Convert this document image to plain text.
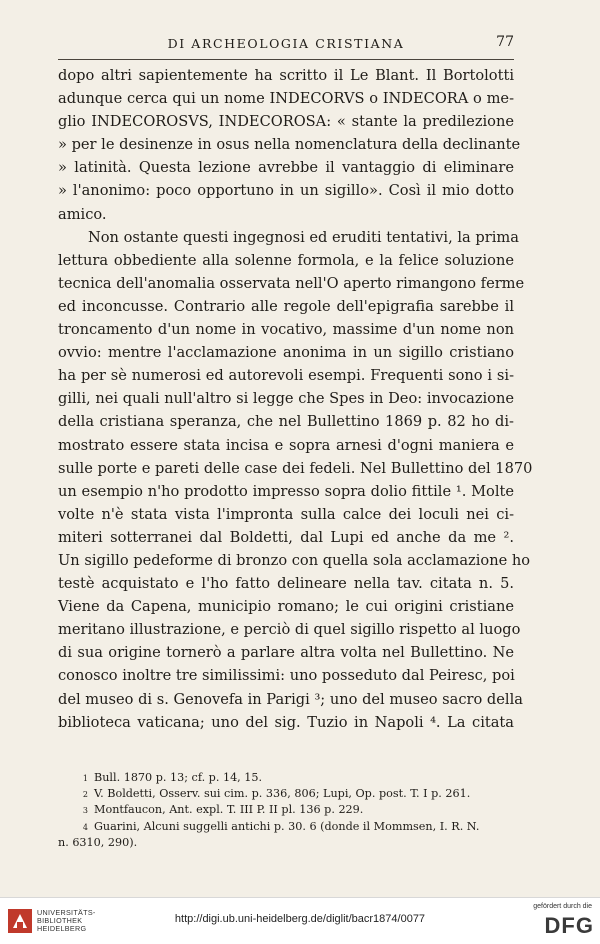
DI ARCHEOLOGIA CRISTIANA	77
dopo altri sapientemente ha scritto il Le Blant. Il Bortolotti
adunque cerca qui un nome INDECORVS o INDECORA o me-
glio INDECOROSVS, INDECOROSA: « stante la predilezione
» per le desinenze in osus nella nomenclatura della declinante
» latinità. Questa lezione avrebbe il vantaggio di eliminare
» l'anonimo: poco opportuno in un sigillo». Così il mio dotto
amico.
Non ostante questi ingegnosi ed eruditi tentativi, la prima
lettura obbediente alla solenne formola, e la felice soluzione
tecnica dell'anomalia osservata nell'O aperto rimangono ferme
ed inconcusse. Contrario alle regole dell'epigrafia sarebbe il
troncamento d'un nome in vocativo, massime d'un nome non
ovvio: mentre l'acclamazione anonima in un sigillo cristiano
ha per sè numerosi ed autorevoli esempi. Frequenti sono i si-
gilli, nei quali null'altro si legge che Spes in Deo: invocazione
della cristiana speranza, che nel Bullettino 1869 p. 82 ho di-
mostrato essere stata incisa e sopra arnesi d'ogni maniera e
sulle porte e pareti delle case dei fedeli. Nel Bullettino del 1870
un esempio n'ho prodotto impresso sopra dolio fittile ¹. Molte
volte n'è stata vista l'impronta sulla calce dei loculi nei ci-
miteri sotterranei dal Boldetti, dal Lupi ed anche da me ².
Un sigillo pedeforme di bronzo con quella sola acclamazione ho
testè acquistato e l'ho fatto delineare nella tav. citata n. 5.
Viene da Capena, municipio romano; le cui origini cristiane
meritano illustrazione, e perciò di quel sigillo rispetto al luogo
di sua origine tornerò a parlare altra volta nel Bullettino. Ne
conosco inoltre tre similissimi: uno posseduto dal Peiresc, poi
del museo di s. Genovefa in Parigi ³; uno del museo sacro della
biblioteca vaticana; uno del sig. Tuzio in Napoli ⁴. La citata
1 Bull. 1870 p. 13; cf. p. 14, 15.
2 V. Boldetti, Osserv. sui cim. p. 336, 806; Lupi, Op. post. T. I p. 261.
3 Montfaucon, Ant. expl. T. III P. II pl. 136 p. 229.
4 Guarini, Alcuni suggelli antichi p. 30. 6 (donde il Mommsen, I. R. N.
n. 6310, 290).
UNIVERSITÄTS-
BIBLIOTHEK
HEIDELBERG
http://digi.ub.uni-heidelberg.de/diglit/bacr1874/0077
gefördert durch die
DFG
